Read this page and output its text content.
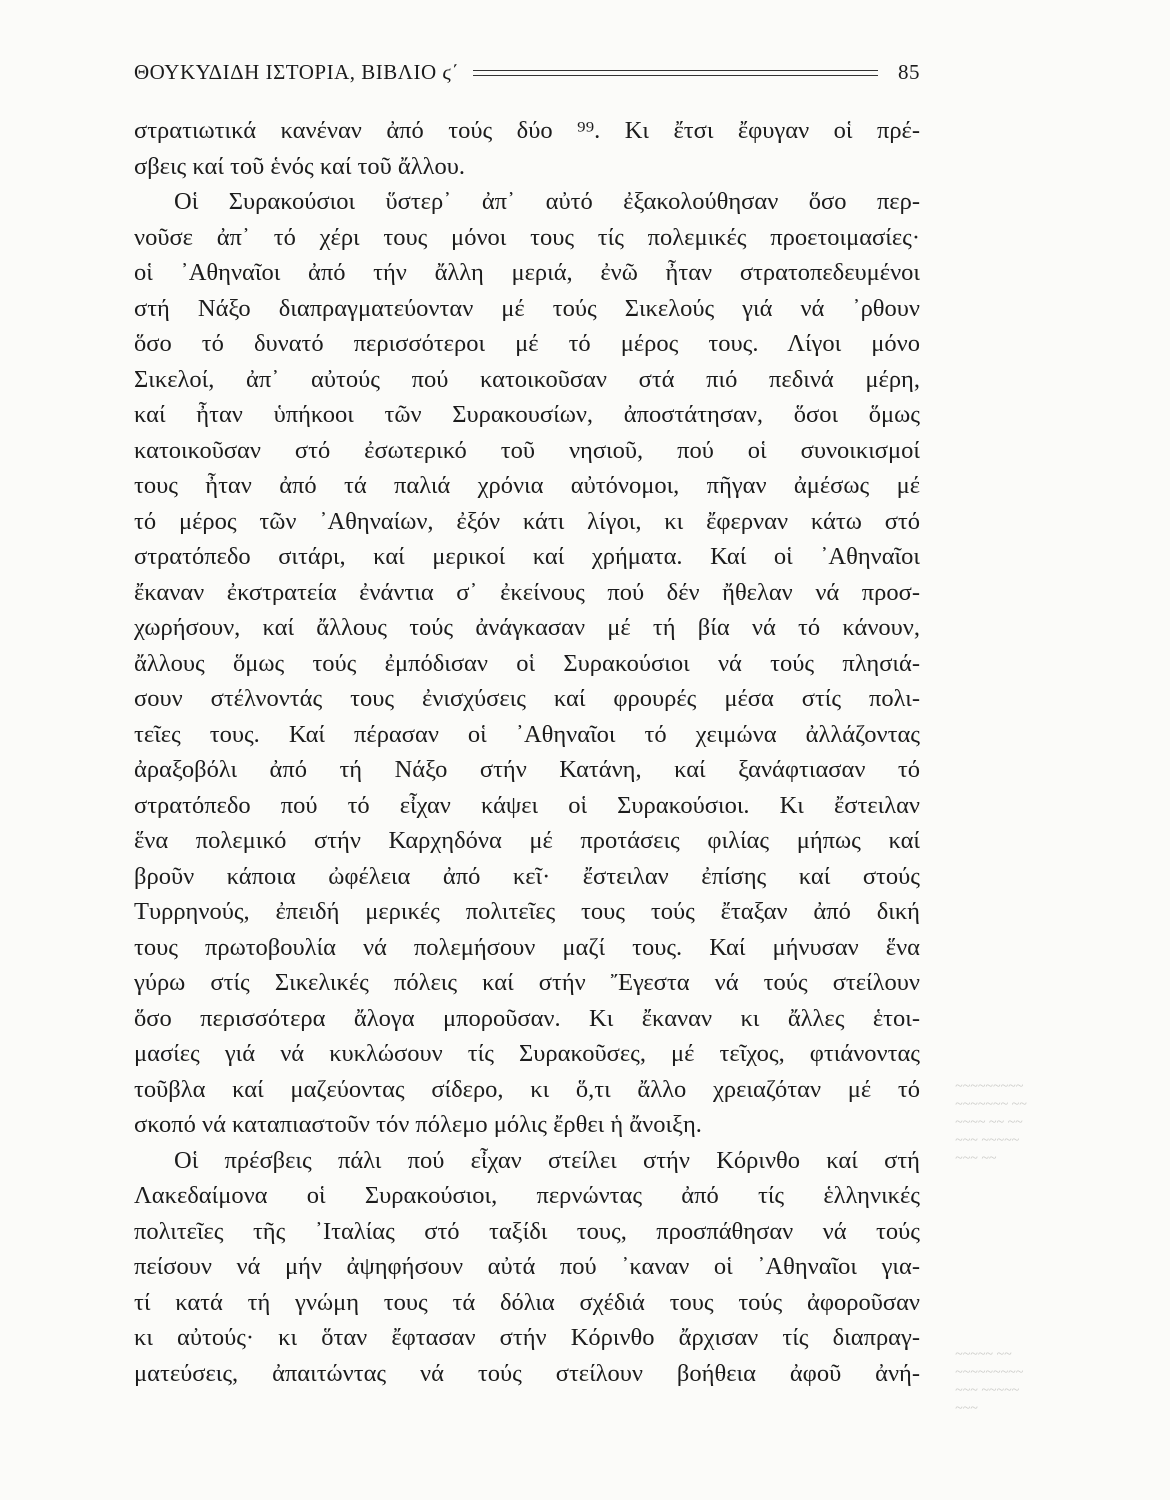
ΘΟΥΚΥΔΙΔΗ ΙΣΤΟΡΙΑ, ΒΙΒΛΙΟ ϛ΄	85
στρατιωτικά κανέναν ἀπό τούς δύο ⁹⁹. Κι ἔτσι ἔφυγαν οἱ πρέ-
σβεις καί τοῦ ἑνός καί τοῦ ἄλλου.
Οἱ Συρακούσιοι ὕστερ᾽ ἀπ᾽ αὐτό ἐξακολούθησαν ὅσο περ-
νοῦσε ἀπ᾽ τό χέρι τους μόνοι τους τίς πολεμικές προετοιμασίες·
οἱ ᾽Αθηναῖοι ἀπό τήν ἄλλη μεριά, ἐνῶ ἦταν στρατοπεδευμένοι
στή Νάξο διαπραγματεύονταν μέ τούς Σικελούς γιά νά ᾽ρθουν
ὅσο τό δυνατό περισσότεροι μέ τό μέρος τους. Λίγοι μόνο
Σικελοί, ἀπ᾽ αὐτούς πού κατοικοῦσαν στά πιό πεδινά μέρη,
καί ἦταν ὑπήκοοι τῶν Συρακουσίων, ἀποστάτησαν, ὅσοι ὅμως
κατοικοῦσαν στό ἐσωτερικό τοῦ νησιοῦ, πού οἱ συνοικισμοί
τους ἦταν ἀπό τά παλιά χρόνια αὐτόνομοι, πῆγαν ἀμέσως μέ
τό μέρος τῶν ᾽Αθηναίων, ἐξόν κάτι λίγοι, κι ἔφερναν κάτω στό
στρατόπεδο σιτάρι, καί μερικοί καί χρήματα. Καί οἱ ᾽Αθηναῖοι
ἔκαναν ἐκστρατεία ἐνάντια σ᾽ ἐκείνους πού δέν ἤθελαν νά προσ-
χωρήσουν, καί ἄλλους τούς ἀνάγκασαν μέ τή βία νά τό κάνουν,
ἄλλους ὅμως τούς ἐμπόδισαν οἱ Συρακούσιοι νά τούς πλησιά-
σουν στέλνοντάς τους ἐνισχύσεις καί φρουρές μέσα στίς πολι-
τεῖες τους. Καί πέρασαν οἱ ᾽Αθηναῖοι τό χειμώνα ἀλλάζοντας
ἀραξοβόλι ἀπό τή Νάξο στήν Κατάνη, καί ξανάφτιασαν τό
στρατόπεδο πού τό εἶχαν κάψει οἱ Συρακούσιοι. Κι ἔστειλαν
ἕνα πολεμικό στήν Καρχηδόνα μέ προτάσεις φιλίας μήπως καί
βροῦν κάποια ὠφέλεια ἀπό κεῖ· ἔστειλαν ἐπίσης καί στούς
Τυρρηνούς, ἐπειδή μερικές πολιτεῖες τους τούς ἔταξαν ἀπό δική
τους πρωτοβουλία νά πολεμήσουν μαζί τους. Καί μήνυσαν ἕνα
γύρω στίς Σικελικές πόλεις καί στήν Ἔγεστα νά τούς στείλουν
ὅσο περισσότερα ἄλογα μποροῦσαν. Κι ἔκαναν κι ἄλλες ἑτοι-
μασίες γιά νά κυκλώσουν τίς Συρακοῦσες, μέ τεῖχος, φτιάνοντας
τοῦβλα καί μαζεύοντας σίδερο, κι ὅ,τι ἄλλο χρειαζόταν μέ τό
σκοπό νά καταπιαστοῦν τόν πόλεμο μόλις ἔρθει ἡ ἄνοιξη.
Οἱ πρέσβεις πάλι πού εἶχαν στείλει στήν Κόρινθο καί στή
Λακεδαίμονα οἱ Συρακούσιοι, περνώντας ἀπό τίς ἑλληνικές
πολιτεῖες τῆς ᾽Ιταλίας στό ταξίδι τους, προσπάθησαν νά τούς
πείσουν νά μήν ἀψηφήσουν αὐτά πού ᾽καναν οἱ ᾽Αθηναῖοι για-
τί κατά τή γνώμη τους τά δόλια σχέδιά τους τούς ἀφοροῦσαν
κι αὐτούς· κι ὅταν ἔφτασαν στήν Κόρινθο ἄρχισαν τίς διαπραγ-
ματεύσεις, ἀπαιτώντας νά τούς στείλουν βοήθεια ἀφοῦ ἀνή-
~~~~~~~~~
~~~~~~~ ~~
~~~~ ~~ ~~
~~~ ~~~~~
~~~ ~~
~~~~~ ~~
~~~~~~~~~
~~~ ~~~~~
~~~
